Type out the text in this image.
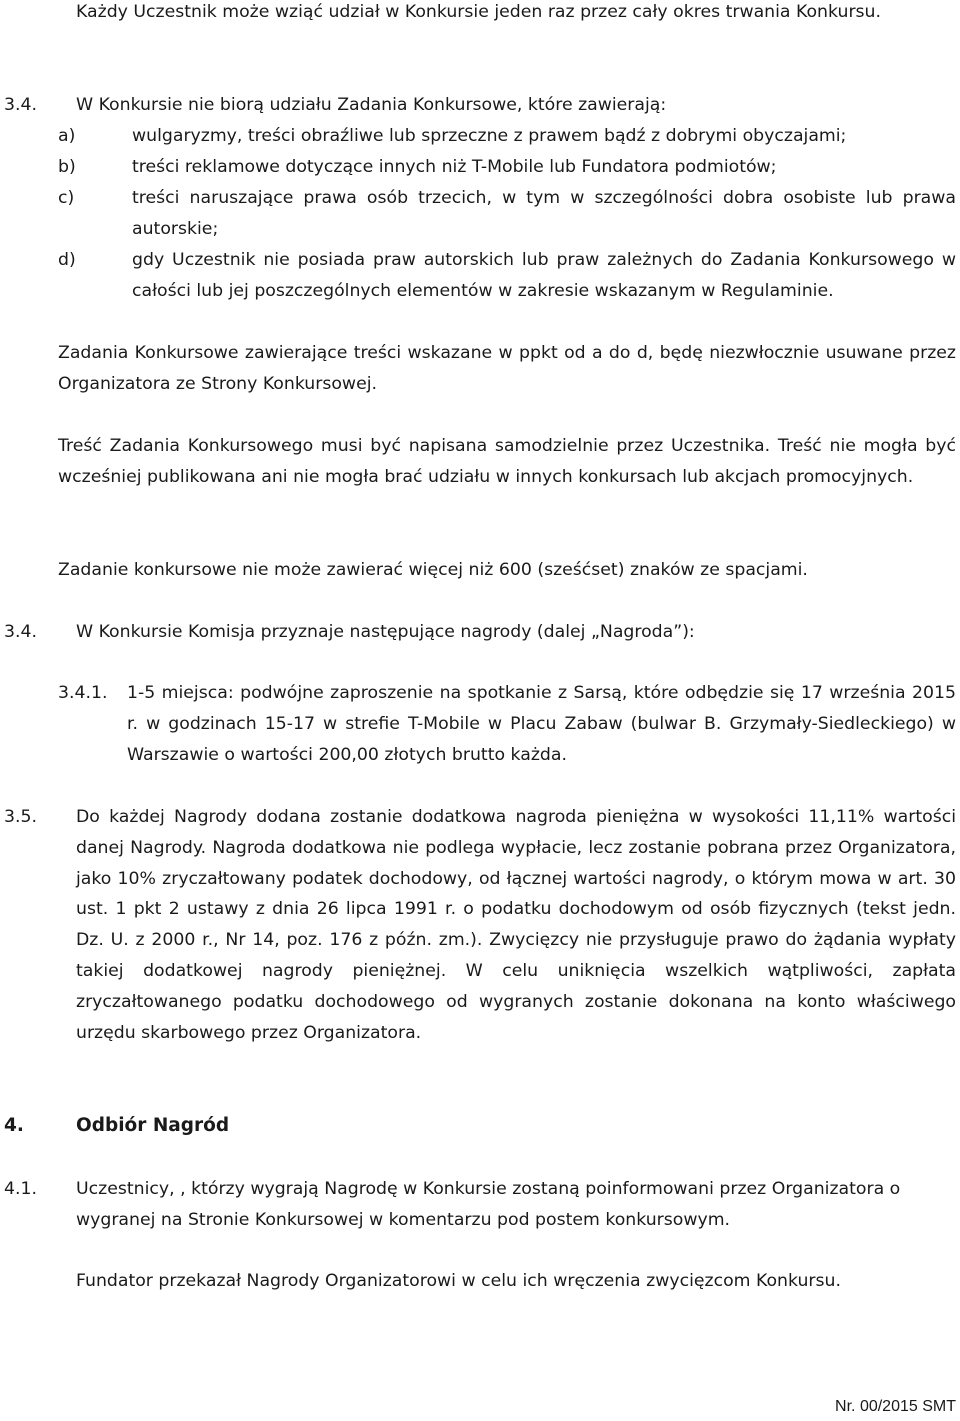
Każdy Uczestnik może wziąć udział w Konkursie jeden raz przez cały okres trwania Konkursu.

3.4. W Konkursie nie biorą udziału Zadania Konkursowe, które zawierają:

a)	wulgaryzmy, treści obraźliwe lub sprzeczne z prawem bądź z dobrymi obyczajami;

b)	treści reklamowe dotyczące innych niż T-Mobile lub Fundatora podmiotów;

c)	treści naruszające prawa osób trzecich, w tym w szczególności dobra osobiste lub prawa autorskie;

d)	gdy Uczestnik nie posiada praw autorskich lub praw zależnych do Zadania Konkursowego w całości lub jej poszczególnych elementów w zakresie wskazanym w Regulaminie.

Zadania Konkursowe zawierające treści wskazane w ppkt od a do d, będę niezwłocznie usuwane przez Organizatora ze Strony Konkursowej.

Treść Zadania Konkursowego musi być napisana samodzielnie przez Uczestnika. Treść nie mogła być wcześniej publikowana ani nie mogła brać udziału w innych konkursach lub akcjach promocyjnych.

Zadanie konkursowe nie może zawierać więcej niż 600 (sześćset) znaków ze spacjami.

3.4. W Konkursie Komisja przyznaje następujące nagrody (dalej „Nagroda”):

3.4.1. 1-5 miejsca: podwójne zaproszenie na spotkanie z Sarsą, które odbędzie się 17 września 2015 r. w godzinach 15-17 w strefie T-Mobile w Placu Zabaw (bulwar B. Grzymały-Siedleckiego) w Warszawie o wartości 200,00 złotych brutto każda.

3.5. Do każdej Nagrody dodana zostanie dodatkowa nagroda pieniężna w wysokości 11,11% wartości danej Nagrody. Nagroda dodatkowa nie podlega wypłacie, lecz zostanie pobrana przez Organizatora, jako 10% zryczałtowany podatek dochodowy, od łącznej wartości nagrody, o którym mowa w art. 30 ust. 1 pkt 2 ustawy z dnia 26 lipca 1991 r. o podatku dochodowym od osób fizycznych (tekst jedn. Dz. U. z 2000 r., Nr 14, poz. 176 z późn. zm.). Zwycięzcy nie przysługuje prawo do żądania wypłaty takiej dodatkowej nagrody pieniężnej. W celu uniknięcia wszelkich wątpliwości, zapłata zryczałtowanego podatku dochodowego od wygranych zostanie dokonana na konto właściwego urzędu skarbowego przez Organizatora.

4.	Odbiór Nagród

4.1. Uczestnicy, , którzy wygrają Nagrodę w Konkursie zostaną poinformowani przez Organizatora o wygranej na Stronie Konkursowej w komentarzu pod postem konkursowym.

Fundator przekazał Nagrody Organizatorowi w celu ich wręczenia zwycięzcom Konkursu.

Nr. 00/2015 SMT
